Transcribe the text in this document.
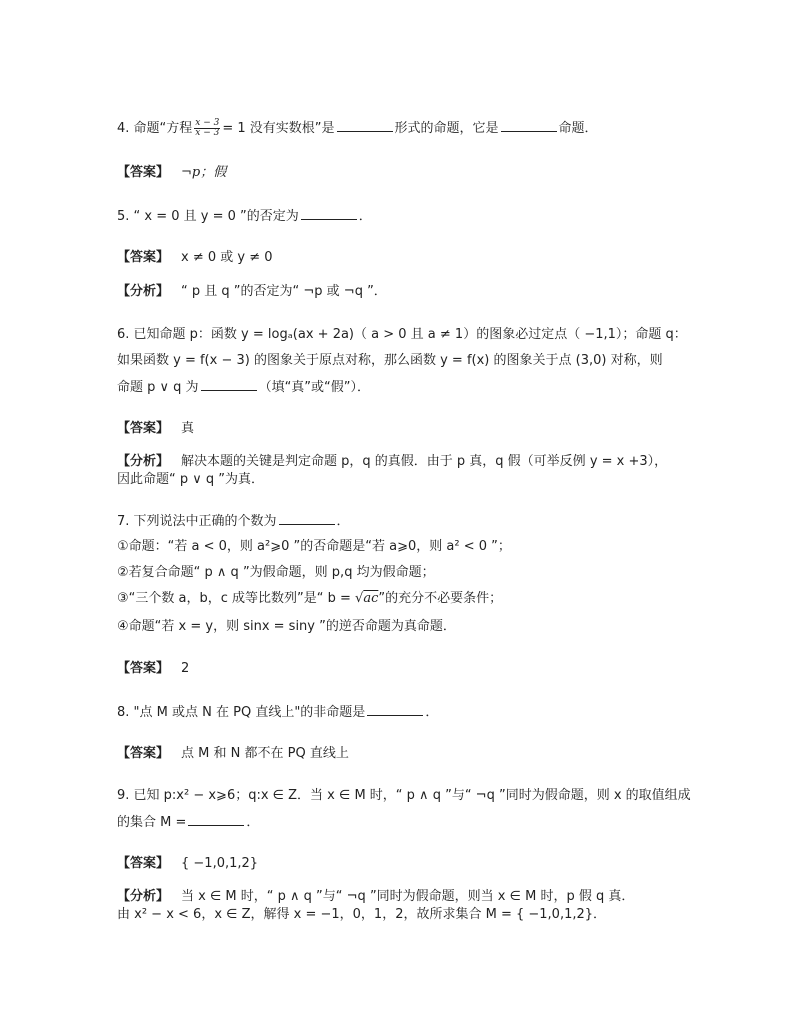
4. 命题“方程 $\frac{x - 3}{x - 3} = 1$ 没有实数根”是	形式的命题，它是	命题．
【答案】 ¬p；假
5. “ x = 0 且 y = 0 ”的否定为	．
【答案】 x ≠ 0 或 y ≠ 0
【分析】 “ p 且 q ”的否定为“ ¬p 或 ¬q ”．
6. 已知命题 p：函数 y = logₐ(ax + 2a)（ a > 0 且 a ≠ 1）的图象必过定点（ −1,1）；命题 q：
如果函数 y = f(x − 3) 的图象关于原点对称，那么函数 y = f(x) 的图象关于点 (3,0) 对称，则
命题 p ∨ q 为	（填“真”或“假”）．
【答案】 真
【分析】 解决本题的关键是判定命题 p，q 的真假．由于 p 真，q 假（可举反例 y = x +3），
因此命题“ p ∨ q ”为真．
7. 下列说法中正确的个数为	．
①命题：“若 a < 0，则 a²⩾0 ”的否命题是“若 a⩾0，则 a² < 0 ”；
②若复合命题“ p ∧ q ”为假命题，则 p,q 均为假命题；
③“三个数 a，b，c 成等比数列”是“ b = √ac”的充分不必要条件；
④命题“若 x = y，则 sinx = siny ”的逆否命题为真命题．
【答案】 2
8. "点 M 或点 N 在 PQ 直线上"的非命题是	．
【答案】 点 M 和 N 都不在 PQ 直线上
9. 已知 p:x² − x⩾6；q:x ∈ Z．当 x ∈ M 时，“ p ∧ q ”与“ ¬q ”同时为假命题，则 x 的取值组成
的集合 M =	．
【答案】 { −1,0,1,2}
【分析】 当 x ∈ M 时，“ p ∧ q ”与“ ¬q ”同时为假命题，则当 x ∈ M 时，p 假 q 真．
由 x² − x < 6，x ∈ Z，解得 x = −1，0，1，2，故所求集合 M = { −1,0,1,2}．
